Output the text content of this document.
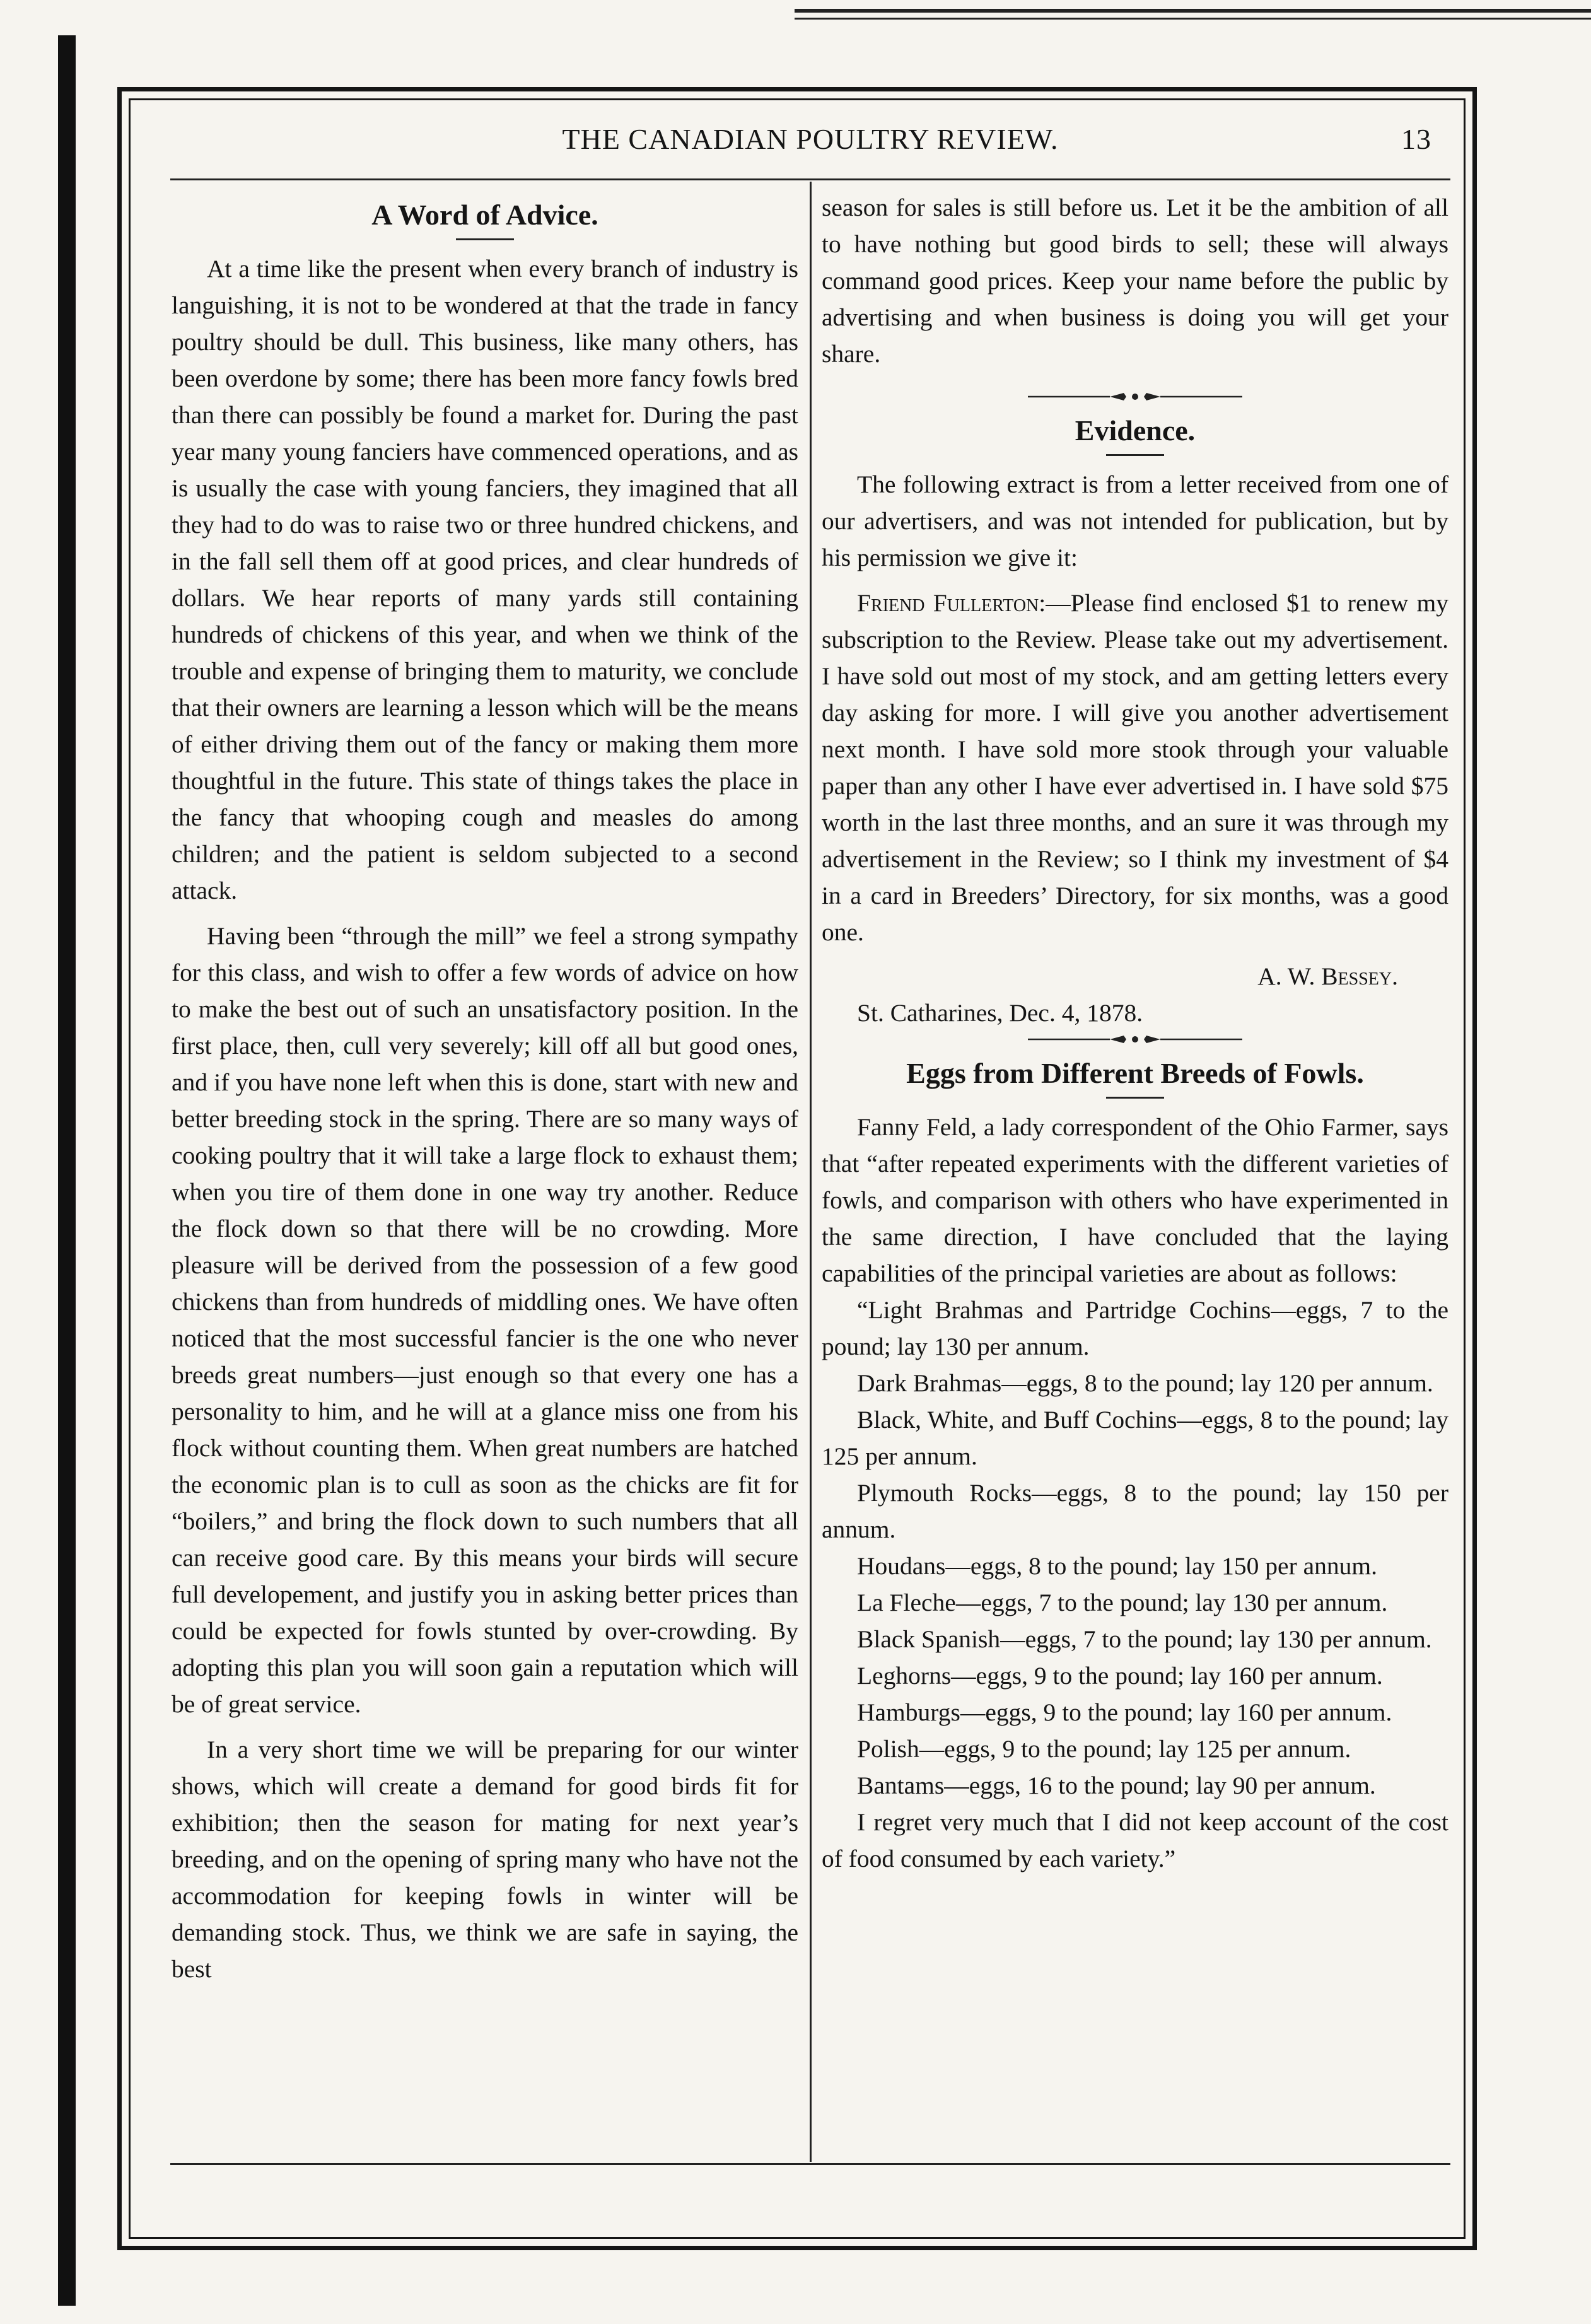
THE CANADIAN POULTRY REVIEW.	13
A Word of Advice.

At a time like the present when every branch of industry is languishing, it is not to be wondered at that the trade in fancy poultry should be dull. This business, like many others, has been overdone by some; there has been more fancy fowls bred than there can possibly be found a market for. During the past year many young fanciers have commenced operations, and as is usually the case with young fanciers, they imagined that all they had to do was to raise two or three hundred chickens, and in the fall sell them off at good prices, and clear hundreds of dollars. We hear reports of many yards still containing hundreds of chickens of this year, and when we think of the trouble and expense of bringing them to maturity, we conclude that their owners are learning a lesson which will be the means of either driving them out of the fancy or making them more thoughtful in the future. This state of things takes the place in the fancy that whooping cough and measles do among children; and the patient is seldom subjected to a second attack.

Having been “through the mill” we feel a strong sympathy for this class, and wish to offer a few words of advice on how to make the best out of such an unsatisfactory position. In the first place, then, cull very severely; kill off all but good ones, and if you have none left when this is done, start with new and better breeding stock in the spring. There are so many ways of cooking poultry that it will take a large flock to exhaust them; when you tire of them done in one way try another. Reduce the flock down so that there will be no crowding. More pleasure will be derived from the possession of a few good chickens than from hundreds of middling ones. We have often noticed that the most successful fancier is the one who never breeds great numbers—just enough so that every one has a personality to him, and he will at a glance miss one from his flock without counting them. When great numbers are hatched the economic plan is to cull as soon as the chicks are fit for “boilers,” and bring the flock down to such numbers that all can receive good care. By this means your birds will secure full developement, and justify you in asking better prices than could be expected for fowls stunted by over-crowding. By adopting this plan you will soon gain a reputation which will be of great service.

In a very short time we will be preparing for our winter shows, which will create a demand for good birds fit for exhibition; then the season for mating for next year’s breeding, and on the opening of spring many who have not the accommodation for keeping fowls in winter will be demanding stock. Thus, we think we are safe in saying, the best

season for sales is still before us. Let it be the ambition of all to have nothing but good birds to sell; these will always command good prices. Keep your name before the public by advertising and when business is doing you will get your share.

Evidence.

The following extract is from a letter received from one of our advertisers, and was not intended for publication, but by his permission we give it:

Friend Fullerton:—Please find enclosed $1 to renew my subscription to the Review. Please take out my advertisement. I have sold out most of my stock, and am getting letters every day asking for more. I will give you another advertisement next month. I have sold more stook through your valuable paper than any other I have ever advertised in. I have sold $75 worth in the last three months, and an sure it was through my advertisement in the Review; so I think my investment of $4 in a card in Breeders’ Directory, for six months, was a good one.

A. W. Bessey.
St. Catharines, Dec. 4, 1878.
Eggs from Different Breeds of Fowls.

Fanny Feld, a lady correspondent of the Ohio Farmer, says that “after repeated experiments with the different varieties of fowls, and comparison with others who have experimented in the same direction, I have concluded that the laying capabilities of the principal varieties are about as follows:

“Light Brahmas and Partridge Cochins—eggs, 7 to the pound; lay 130 per annum.

Dark Brahmas—eggs, 8 to the pound; lay 120 per annum.

Black, White, and Buff Cochins—eggs, 8 to the pound; lay 125 per annum.

Plymouth Rocks—eggs, 8 to the pound; lay 150 per annum.

Houdans—eggs, 8 to the pound; lay 150 per annum.

La Fleche—eggs, 7 to the pound; lay 130 per annum.

Black Spanish—eggs, 7 to the pound; lay 130 per annum.

Leghorns—eggs, 9 to the pound; lay 160 per annum.

Hamburgs—eggs, 9 to the pound; lay 160 per annum.

Polish—eggs, 9 to the pound; lay 125 per annum.

Bantams—eggs, 16 to the pound; lay 90 per annum.

I regret very much that I did not keep account of the cost of food consumed by each variety.”
